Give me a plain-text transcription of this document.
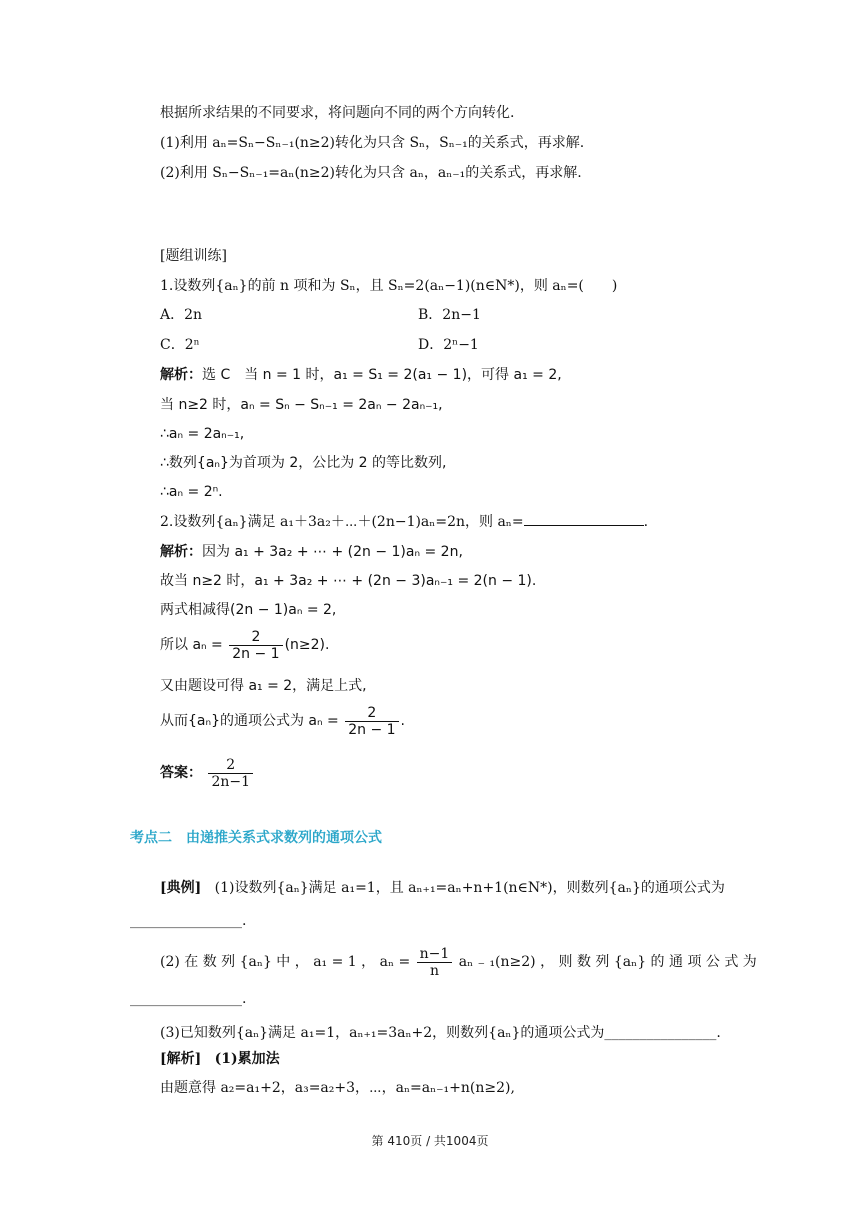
根据所求结果的不同要求，将问题向不同的两个方向转化.
(1)利用 aₙ=Sₙ−Sₙ₋₁(n≥2)转化为只含 Sₙ，Sₙ₋₁的关系式，再求解.
(2)利用 Sₙ−Sₙ₋₁=aₙ(n≥2)转化为只含 aₙ，aₙ₋₁的关系式，再求解.
[题组训练]
1.设数列{aₙ}的前 n 项和为 Sₙ，且 Sₙ=2(aₙ−1)(n∈N*)，则 aₙ=(　　)
A．2n	B．2n−1
C．2ⁿ	D．2ⁿ−1
解析：选 C　当 n = 1 时，a₁ = S₁ = 2(a₁ − 1)，可得 a₁ = 2,
当 n≥2 时，aₙ = Sₙ − Sₙ₋₁ = 2aₙ − 2aₙ₋₁,
∴aₙ = 2aₙ₋₁,
∴数列{aₙ}为首项为 2，公比为 2 的等比数列,
∴aₙ = 2ⁿ.
2.设数列{aₙ}满足 a₁＋3a₂＋⋯＋(2n−1)aₙ=2n，则 aₙ=	.
解析：因为 a₁ + 3a₂ + ⋯ + (2n − 1)aₙ = 2n,
故当 n≥2 时，a₁ + 3a₂ + ⋯ + (2n − 3)aₙ₋₁ = 2(n − 1).
两式相减得(2n − 1)aₙ = 2,
所以 $a_n = \frac{2}{2n - 1} (n\ge 2)$.
又由题设可得 a₁ = 2，满足上式,
从而{aₙ}的通项公式为 $a_n = \frac{2}{2n - 1}$ .
答案： $\frac{2}{2n-1}$
考点二　由递推关系式求数列的通项公式
[典例] (1)设数列{aₙ}满足 a₁=1，且 aₙ₊₁=aₙ+n+1(n∈N*)，则数列{aₙ}的通项公式为
________________.
(2) 在 数 列 {aₙ} 中 ， a₁ = 1 ， $a_n = \frac{n-1}{n}$ aₙ ₋ ₁(n≥2) ， 则 数 列 {aₙ} 的 通 项 公 式 为
________________.
(3)已知数列{aₙ}满足 a₁=1，aₙ₊₁=3aₙ+2，则数列{aₙ}的通项公式为________________.
[解析] (1)累加法
由题意得 a₂=a₁+2，a₃=a₂+3，⋯，aₙ=aₙ₋₁+n(n≥2),
第 410页 / 共1004页
